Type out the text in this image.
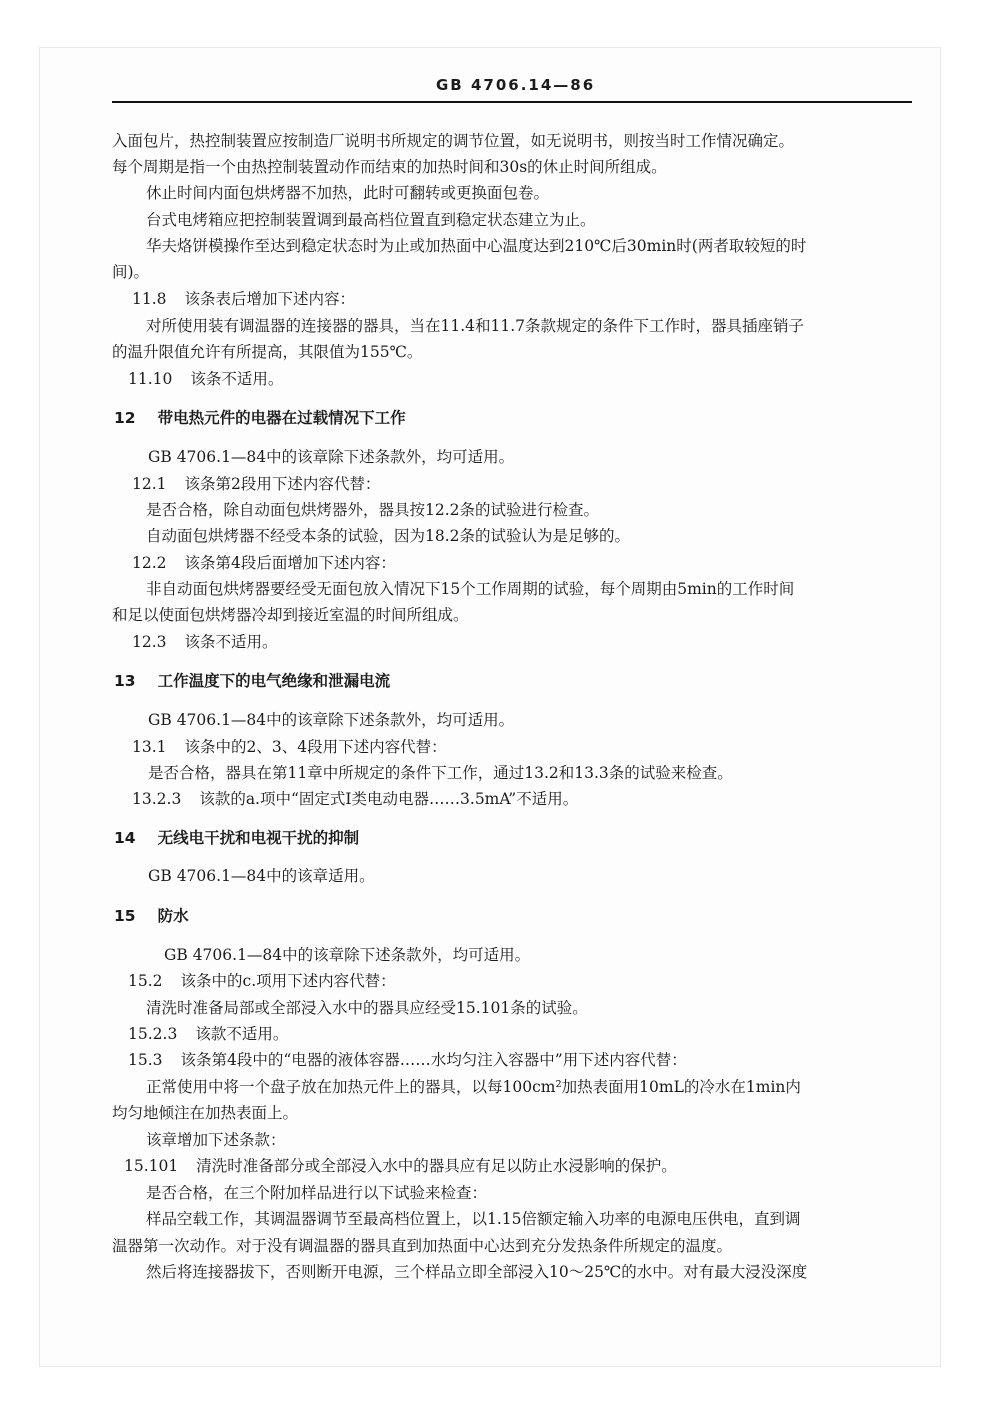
GB 4706.14—86
入面包片，热控制装置应按制造厂说明书所规定的调节位置，如无说明书，则按当时工作情况确定。
每个周期是指一个由热控制装置动作而结束的加热时间和30s的休止时间所组成。
休止时间内面包烘烤器不加热，此时可翻转或更换面包卷。
台式电烤箱应把控制装置调到最高档位置直到稳定状态建立为止。
华夫烙饼模操作至达到稳定状态时为止或加热面中心温度达到210℃后30min时(两者取较短的时
间)。
11.8 该条表后增加下述内容：
对所使用装有调温器的连接器的器具，当在11.4和11.7条款规定的条件下工作时，器具插座销子
的温升限值允许有所提高，其限值为155℃。
11.10 该条不适用。
12 带电热元件的电器在过载情况下工作
GB 4706.1—84中的该章除下述条款外，均可适用。
12.1 该条第2段用下述内容代替：
是否合格，除自动面包烘烤器外，器具按12.2条的试验进行检查。
自动面包烘烤器不经受本条的试验，因为18.2条的试验认为是足够的。
12.2 该条第4段后面增加下述内容：
非自动面包烘烤器要经受无面包放入情况下15个工作周期的试验，每个周期由5min的工作时间
和足以使面包烘烤器冷却到接近室温的时间所组成。
12.3 该条不适用。
13 工作温度下的电气绝缘和泄漏电流
GB 4706.1—84中的该章除下述条款外，均可适用。
13.1 该条中的2、3、4段用下述内容代替：
是否合格，器具在第11章中所规定的条件下工作，通过13.2和13.3条的试验来检查。
13.2.3 该款的a.项中“固定式Ⅰ类电动电器……3.5mA”不适用。
14 无线电干扰和电视干扰的抑制
GB 4706.1—84中的该章适用。
15 防水
GB 4706.1—84中的该章除下述条款外，均可适用。
15.2 该条中的c.项用下述内容代替：
清洗时准备局部或全部浸入水中的器具应经受15.101条的试验。
15.2.3 该款不适用。
15.3 该条第4段中的“电器的液体容器……水均匀注入容器中”用下述内容代替：
正常使用中将一个盘子放在加热元件上的器具，以每100cm²加热表面用10mL的冷水在1min内
均匀地倾注在加热表面上。
该章增加下述条款：
15.101 清洗时准备部分或全部浸入水中的器具应有足以防止水浸影响的保护。
是否合格，在三个附加样品进行以下试验来检查：
样品空载工作，其调温器调节至最高档位置上，以1.15倍额定输入功率的电源电压供电，直到调
温器第一次动作。对于没有调温器的器具直到加热面中心达到充分发热条件所规定的温度。
然后将连接器拔下，否则断开电源，三个样品立即全部浸入10～25℃的水中。对有最大浸没深度
